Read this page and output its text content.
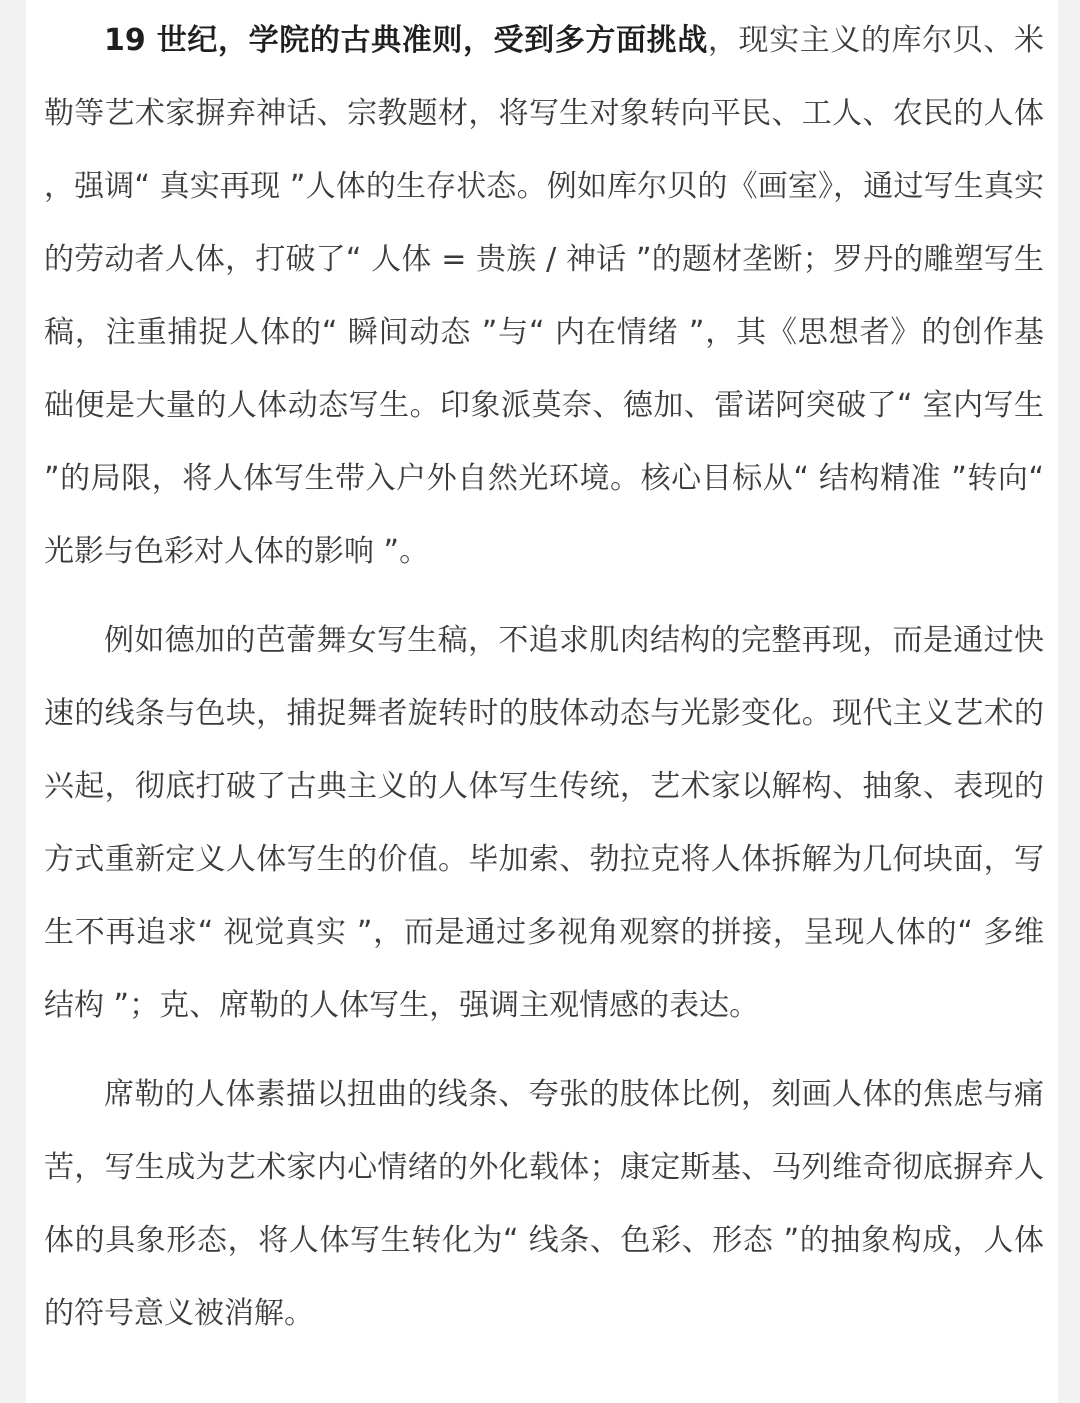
19 世纪，学院的古典准则，受到多方面挑战，现实主义的库尔贝、米勒等艺术家摒弃神话、宗教题材，将写生对象转向平民、工人、农民的人体，强调“ 真实再现 ”人体的生存状态。例如库尔贝的《画室》，通过写生真实的劳动者人体，打破了“ 人体 = 贵族 / 神话 ”的题材垄断；罗丹的雕塑写生稿，注重捕捉人体的“ 瞬间动态 ”与“ 内在情绪 ”，其《思想者》的创作基础便是大量的人体动态写生。印象派莫奈、德加、雷诺阿突破了“ 室内写生 ”的局限，将人体写生带入户外自然光环境。核心目标从“ 结构精准 ”转向“ 光影与色彩对人体的影响 ”。

例如德加的芭蕾舞女写生稿，不追求肌肉结构的完整再现，而是通过快速的线条与色块，捕捉舞者旋转时的肢体动态与光影变化。现代主义艺术的兴起，彻底打破了古典主义的人体写生传统，艺术家以解构、抽象、表现的方式重新定义人体写生的价值。毕加索、勃拉克将人体拆解为几何块面，写生不再追求“ 视觉真实 ”，而是通过多视角观察的拼接，呈现人体的“ 多维结构 ”；克、席勒的人体写生，强调主观情感的表达。

席勒的人体素描以扭曲的线条、夸张的肢体比例，刻画人体的焦虑与痛苦，写生成为艺术家内心情绪的外化载体；康定斯基、马列维奇彻底摒弃人体的具象形态，将人体写生转化为“ 线条、色彩、形态 ”的抽象构成，人体的符号意义被消解。
